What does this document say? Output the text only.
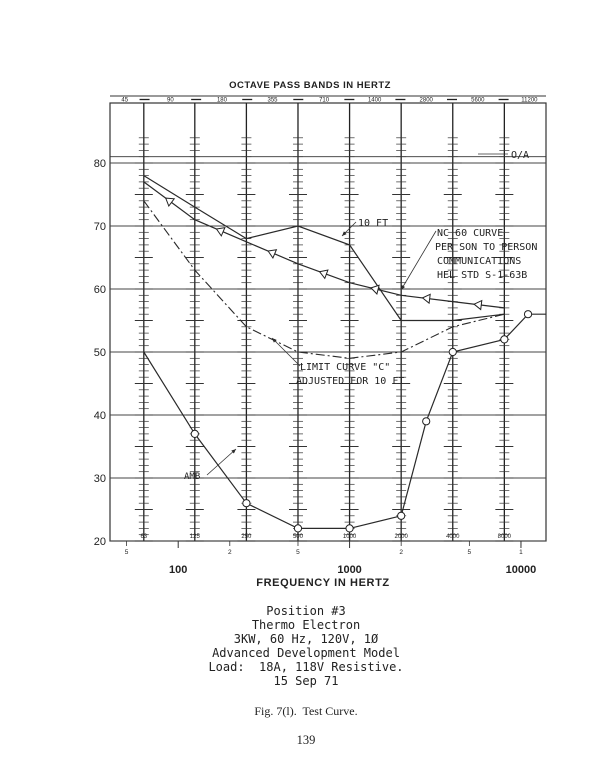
45	90	180	355	710	1400	2800	5600	11200
20
30
40
50
60
70
80
63	125	250	500	1000	2000	4000	8000
5	2	5	2	5	1
100	1000	10000
OCTAVE PASS BANDS IN HERTZ
FREQUENCY IN HERTZ
O/A
10 FT
NC 60 CURVE
PER SON TO PERSON
COMMUNICATIONS
HEL STD S-1-63B
LIMIT CURVE "C"
ADJUSTED FOR 10 FT
AMB
Position #3
Thermo Electron
3KW, 60 Hz, 120V, 1Ø
Advanced Development Model
Load:  18A, 118V Resistive.
15 Sep 71
Fig. 7(l).  Test Curve.
139
